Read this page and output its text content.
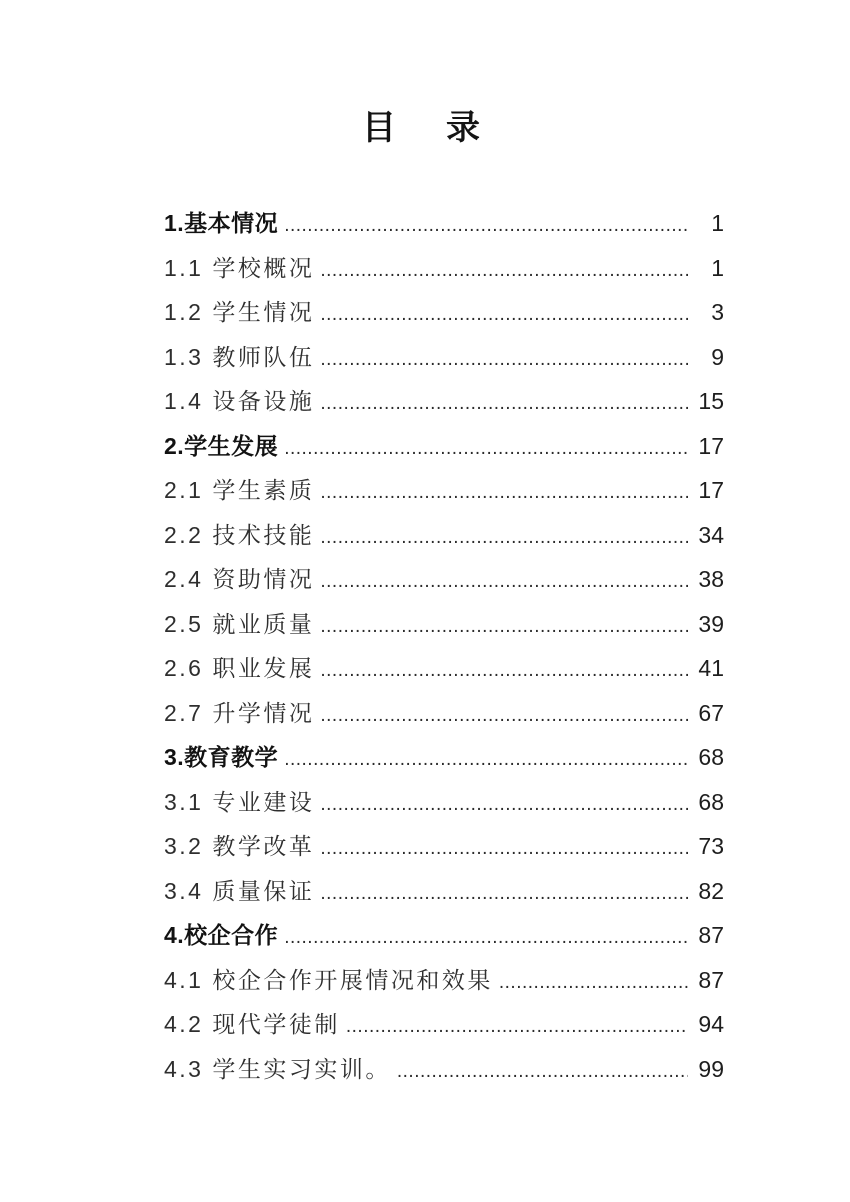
目　录
1.基本情况 .....	1
1.1 学校概况 .....	1
1.2 学生情况 .....	3
1.3 教师队伍 .....	9
1.4 设备设施 .....	15
2.学生发展 .....	17
2.1 学生素质 .....	17
2.2 技术技能 .....	34
2.4 资助情况 .....	38
2.5 就业质量 .....	39
2.6 职业发展 .....	41
2.7 升学情况 .....	67
3.教育教学 .....	68
3.1 专业建设 .....	68
3.2 教学改革 .....	73
3.4 质量保证 .....	82
4.校企合作 .....	87
4.1 校企合作开展情况和效果 .....	87
4.2 现代学徒制 .....	94
4.3 学生实习实训。 .....	99
